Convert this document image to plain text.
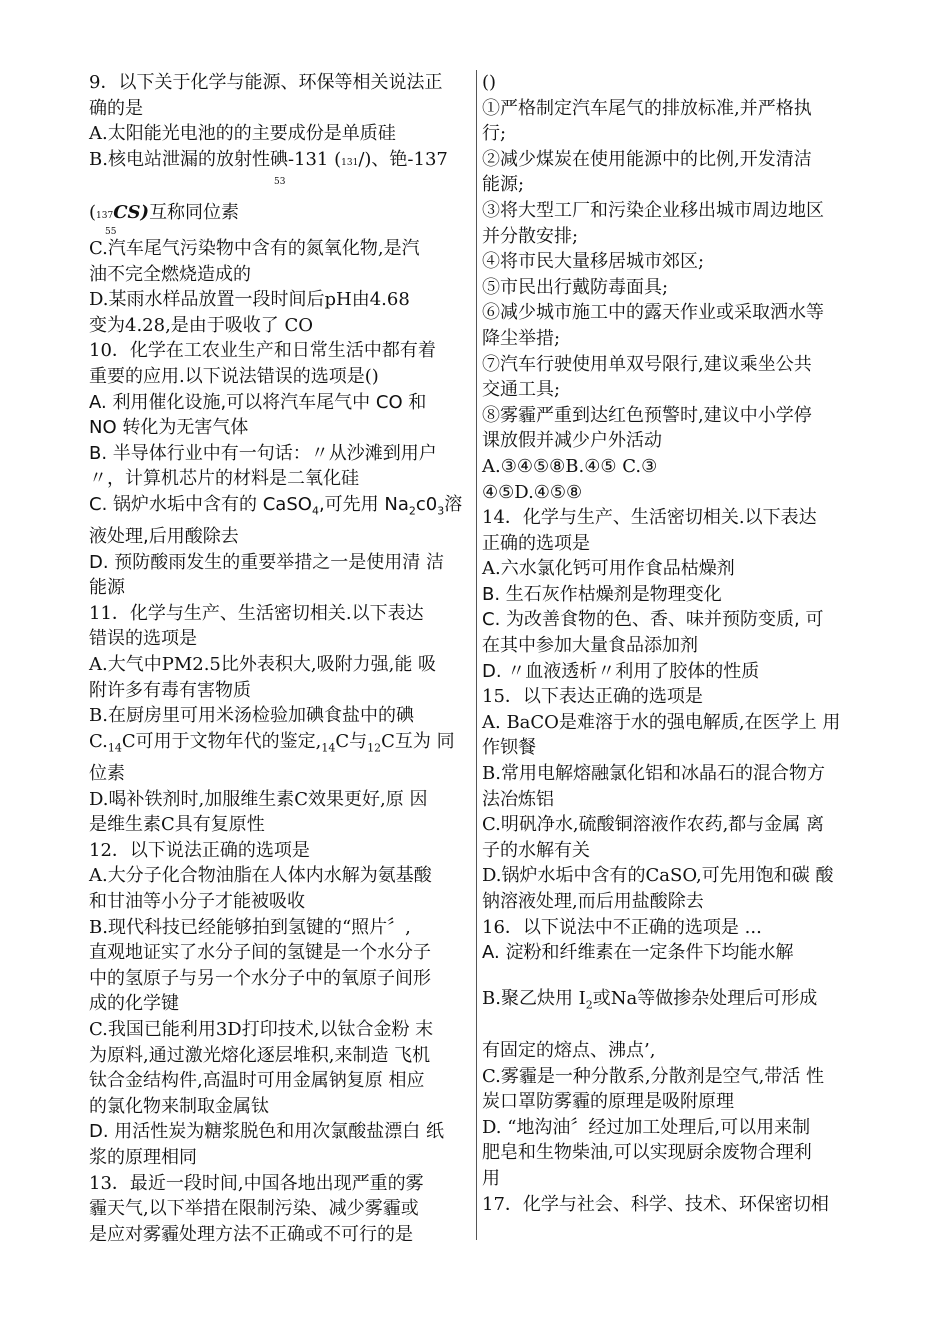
9．以下关于化学与能源、环保等相关说法正
确的是
A.太阳能光电池的的主要成份是单质硅
B.核电站泄漏的放射性碘-131 (131/)、铯-137
53
(137CS)互称同位素
55
C.汽车尾气污染物中含有的氮氧化物,是汽
油不完全燃烧造成的
D.某雨水样品放置一段时间后pH由4.68
变为4.28,是由于吸收了 CO
10．化学在工农业生产和日常生活中都有着
重要的应用.以下说法错误的选项是()
A. 利用催化设施,可以将汽车尾气中 CO 和
NO 转化为无害气体
B. 半导体行业中有一句话：〃从沙滩到用户
〃，计算机芯片的材料是二氧化硅
C. 锅炉水垢中含有的 CaSO$_4$,可先用 $Na_2c0_3$溶
液处理,后用酸除去
D. 预防酸雨发生的重要举措之一是使用清 洁
能源
11．化学与生产、生活密切相关.以下表达
错误的选项是
A.大气中PM2.5比外表积大,吸附力强,能 吸
附许多有毒有害物质
B.在厨房里可用米汤检验加碘食盐中的碘
$C._{14}C$可用于文物年代的鉴定$,_{14}C$与$_{12}$C互为 同
位素
D.喝补铁剂时,加服维生素C效果更好,原 因
是维生素C具有复原性
12．以下说法正确的选项是
A.大分子化合物油脂在人体内水解为氨基酸
和甘油等小分子才能被吸收
B.现代科技已经能够拍到氢键的“照片〞,
直观地证实了水分子间的氢键是一个水分子
中的氢原子与另一个水分子中的氧原子间形
成的化学键
C.我国已能利用3D打印技术,以钛合金粉 末
为原料,通过激光熔化逐层堆积,来制造 飞机
钛合金结构件,高温时可用金属钠复原 相应
的氯化物来制取金属钛
D. 用活性炭为糖浆脱色和用次氯酸盐漂白 纸
浆的原理相同
13．最近一段时间,中国各地出现严重的雾
霾天气,以下举措在限制污染、减少雾霾或
是应对雾霾处理方法不正确或不可行的是
()
①严格制定汽车尾气的排放标准,并严格执
行;
②减少煤炭在使用能源中的比例,开发清洁
能源;
③将大型工厂和污染企业移出城市周边地区
并分散安排;
④将市民大量移居城市郊区;
⑤市民出行戴防毒面具;
⑥减少城市施工中的露天作业或采取洒水等
降尘举措;
⑦汽车行驶使用单双号限行,建议乘坐公共
交通工具;
⑧雾霾严重到达红色预警时,建议中小学停
课放假并减少户外活动
A.③④⑤⑧B.④⑤ C.③
④⑤D.④⑤⑧
14．化学与生产、生活密切相关.以下表达
正确的选项是
A.六水氯化钙可用作食品枯燥剂
B. 生石灰作枯燥剂是物理变化
C. 为改善食物的色、香、味并预防变质, 可
在其中参加大量食品添加剂
D. 〃血液透析〃利用了胶体的性质
15．以下表达正确的选项是
A. BaCO是难溶于水的强电解质,在医学上 用
作钡餐
B.常用电解熔融氯化铝和冰晶石的混合物方
法冶炼铝
C.明矾净水,硫酸铜溶液作农药,都与金属 离
子的水解有关
D.锅炉水垢中含有的CaSO,可先用饱和碳 酸
钠溶液处理,而后用盐酸除去
16．以下说法中不正确的选项是 ...
A. 淀粉和纤维素在一定条件下均能水解
B.聚乙炔用 $I_2$或Na等做掺杂处理后可形成
有固定的熔点、沸点’,
C.雾霾是一种分散系,分散剂是空气,带活 性
炭口罩防雾霾的原理是吸附原理
D. “地沟油〞经过加工处理后,可以用来制
肥皂和生物柴油,可以实现厨余废物合理利
用
17．化学与社会、科学、技术、环保密切相
